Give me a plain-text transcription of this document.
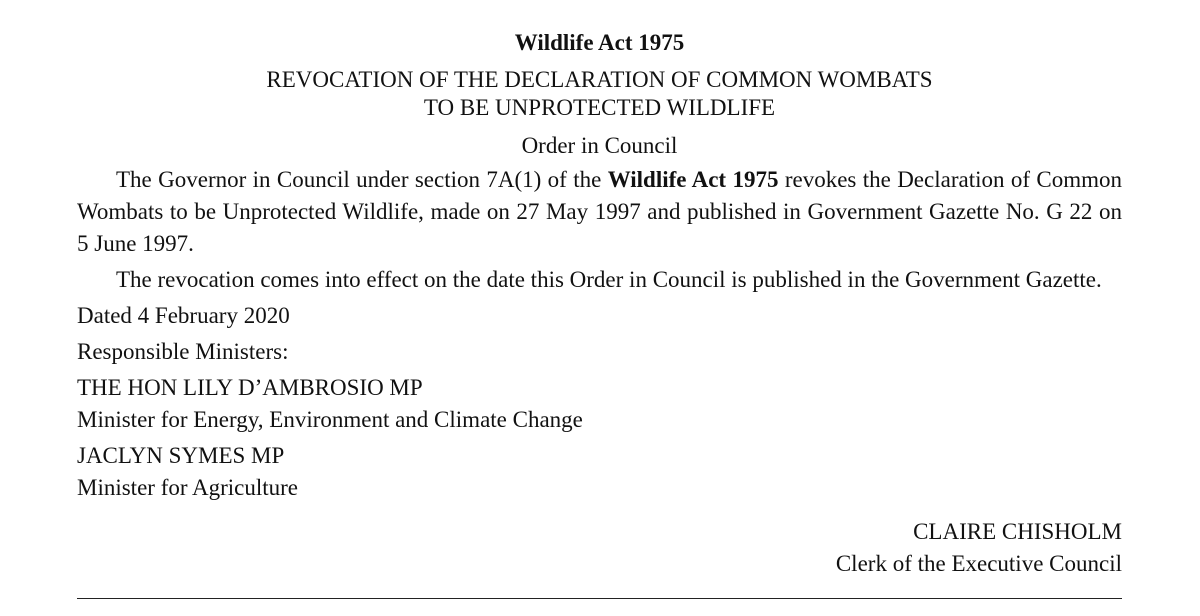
Wildlife Act 1975
REVOCATION OF THE DECLARATION OF COMMON WOMBATS
TO BE UNPROTECTED WILDLIFE
Order in Council

The Governor in Council under section 7A(1) of the Wildlife Act 1975 revokes the Declaration of Common Wombats to be Unprotected Wildlife, made on 27 May 1997 and published in Government Gazette No. G 22 on 5 June 1997.

The revocation comes into effect on the date this Order in Council is published in the Government Gazette.

Dated 4 February 2020

Responsible Ministers:

THE HON LILY D’AMBROSIO MP

Minister for Energy, Environment and Climate Change

JACLYN SYMES MP

Minister for Agriculture

CLAIRE CHISHOLM

Clerk of the Executive Council
